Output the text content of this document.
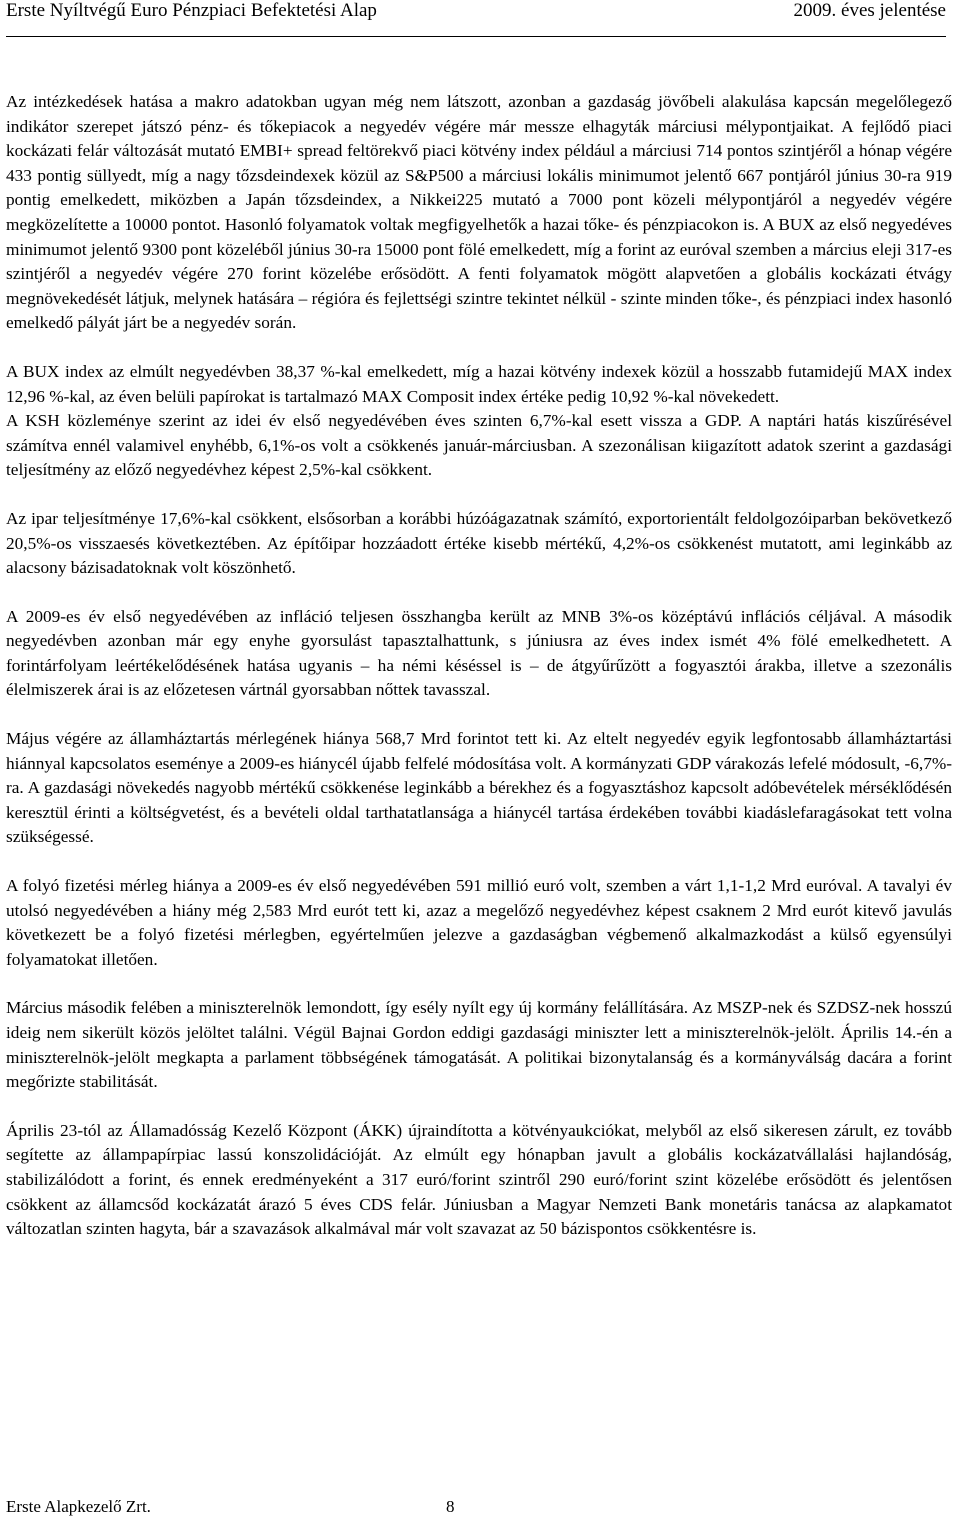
Erste Nyíltvégű Euro Pénzpiaci Befektetési Alap	2009. éves jelentése

Az intézkedések hatása a makro adatokban ugyan még nem látszott, azonban a gazdaság jövőbeli alakulása kapcsán megelőlegező indikátor szerepet játszó pénz- és tőkepiacok a negyedév végére már messze elhagyták márciusi mélypontjaikat. A fejlődő piaci kockázati felár változását mutató EMBI+ spread feltörekvő piaci kötvény index például a márciusi 714 pontos szintjéről a hónap végére 433 pontig süllyedt, míg a nagy tőzsdeindexek közül az S&P500 a márciusi lokális minimumot jelentő 667 pontjáról június 30-ra 919 pontig emelkedett, miközben a Japán tőzsdeindex, a Nikkei225 mutató a 7000 pont közeli mélypontjáról a negyedév végére megközelítette a 10000 pontot. Hasonló folyamatok voltak megfigyelhetők a hazai tőke- és pénzpiacokon is. A BUX az első negyedéves minimumot jelentő 9300 pont közeléből június 30-ra 15000 pont fölé emelkedett, míg a forint az euróval szemben a március eleji 317-es szintjéről a negyedév végére 270 forint közelébe erősödött. A fenti folyamatok mögött alapvetően a globális kockázati étvágy megnövekedését látjuk, melynek hatására – régióra és fejlettségi szintre tekintet nélkül - szinte minden tőke-, és pénzpiaci index hasonló emelkedő pályát járt be a negyedév során.

A BUX index az elmúlt negyedévben 38,37 %-kal emelkedett, míg a hazai kötvény indexek közül a hosszabb futamidejű MAX index 12,96 %-kal, az éven belüli papírokat is tartalmazó MAX Composit index értéke pedig 10,92 %-kal növekedett.

A KSH közleménye szerint az idei év első negyedévében éves szinten 6,7%-kal esett vissza a GDP. A naptári hatás kiszűrésével számítva ennél valamivel enyhébb, 6,1%-os volt a csökkenés január-márciusban. A szezonálisan kiigazított adatok szerint a gazdasági teljesítmény az előző negyedévhez képest 2,5%-kal csökkent.

Az ipar teljesítménye 17,6%-kal csökkent, elsősorban a korábbi húzóágazatnak számító, exportorientált feldolgozóiparban bekövetkező 20,5%-os visszaesés következtében. Az építőipar hozzáadott értéke kisebb mértékű, 4,2%-os csökkenést mutatott, ami leginkább az alacsony bázisadatoknak volt köszönhető.

A 2009-es év első negyedévében az infláció teljesen összhangba került az MNB 3%-os középtávú inflációs céljával. A második negyedévben azonban már egy enyhe gyorsulást tapasztalhattunk, s júniusra az éves index ismét 4% fölé emelkedhetett. A forintárfolyam leértékelődésének hatása ugyanis – ha némi késéssel is – de átgyűrűzött a fogyasztói árakba, illetve a szezonális élelmiszerek árai is az előzetesen vártnál gyorsabban nőttek tavasszal.

Május végére az államháztartás mérlegének hiánya 568,7 Mrd forintot tett ki. Az eltelt negyedév egyik legfontosabb államháztartási hiánnyal kapcsolatos eseménye a 2009-es hiánycél újabb felfelé módosítása volt. A kormányzati GDP várakozás lefelé módosult, -6,7%-ra. A gazdasági növekedés nagyobb mértékű csökkenése leginkább a bérekhez és a fogyasztáshoz kapcsolt adóbevételek mérséklődésén keresztül érinti a költségvetést, és a bevételi oldal tarthatatlansága a hiánycél tartása érdekében további kiadáslefaragásokat tett volna szükségessé.

A folyó fizetési mérleg hiánya a 2009-es év első negyedévében 591 millió euró volt, szemben a várt 1,1-1,2 Mrd euróval. A tavalyi év utolsó negyedévében a hiány még 2,583 Mrd eurót tett ki, azaz a megelőző negyedévhez képest csaknem 2 Mrd eurót kitevő javulás következett be a folyó fizetési mérlegben, egyértelműen jelezve a gazdaságban végbemenő alkalmazkodást a külső egyensúlyi folyamatokat illetően.

Március második felében a miniszterelnök lemondott, így esély nyílt egy új kormány felállítására. Az MSZP-nek és SZDSZ-nek hosszú ideig nem sikerült közös jelöltet találni. Végül Bajnai Gordon eddigi gazdasági miniszter lett a miniszterelnök-jelölt. Április 14.-én a miniszterelnök-jelölt megkapta a parlament többségének támogatását. A politikai bizonytalanság és a kormányválság dacára a forint megőrizte stabilitását.

Április 23-tól az Államadósság Kezelő Központ (ÁKK) újraindította a kötvényaukciókat, melyből az első sikeresen zárult, ez tovább segítette az állampapírpiac lassú konszolidációját. Az elmúlt egy hónapban javult a globális kockázatvállalási hajlandóság, stabilizálódott a forint, és ennek eredményeként a 317 euró/forint szintről 290 euró/forint szint közelébe erősödött és jelentősen csökkent az államcsőd kockázatát árazó 5 éves CDS felár. Júniusban a Magyar Nemzeti Bank monetáris tanácsa az alapkamatot változatlan szinten hagyta, bár a szavazások alkalmával már volt szavazat az 50 bázispontos csökkentésre is.

Erste Alapkezelő Zrt.	8
